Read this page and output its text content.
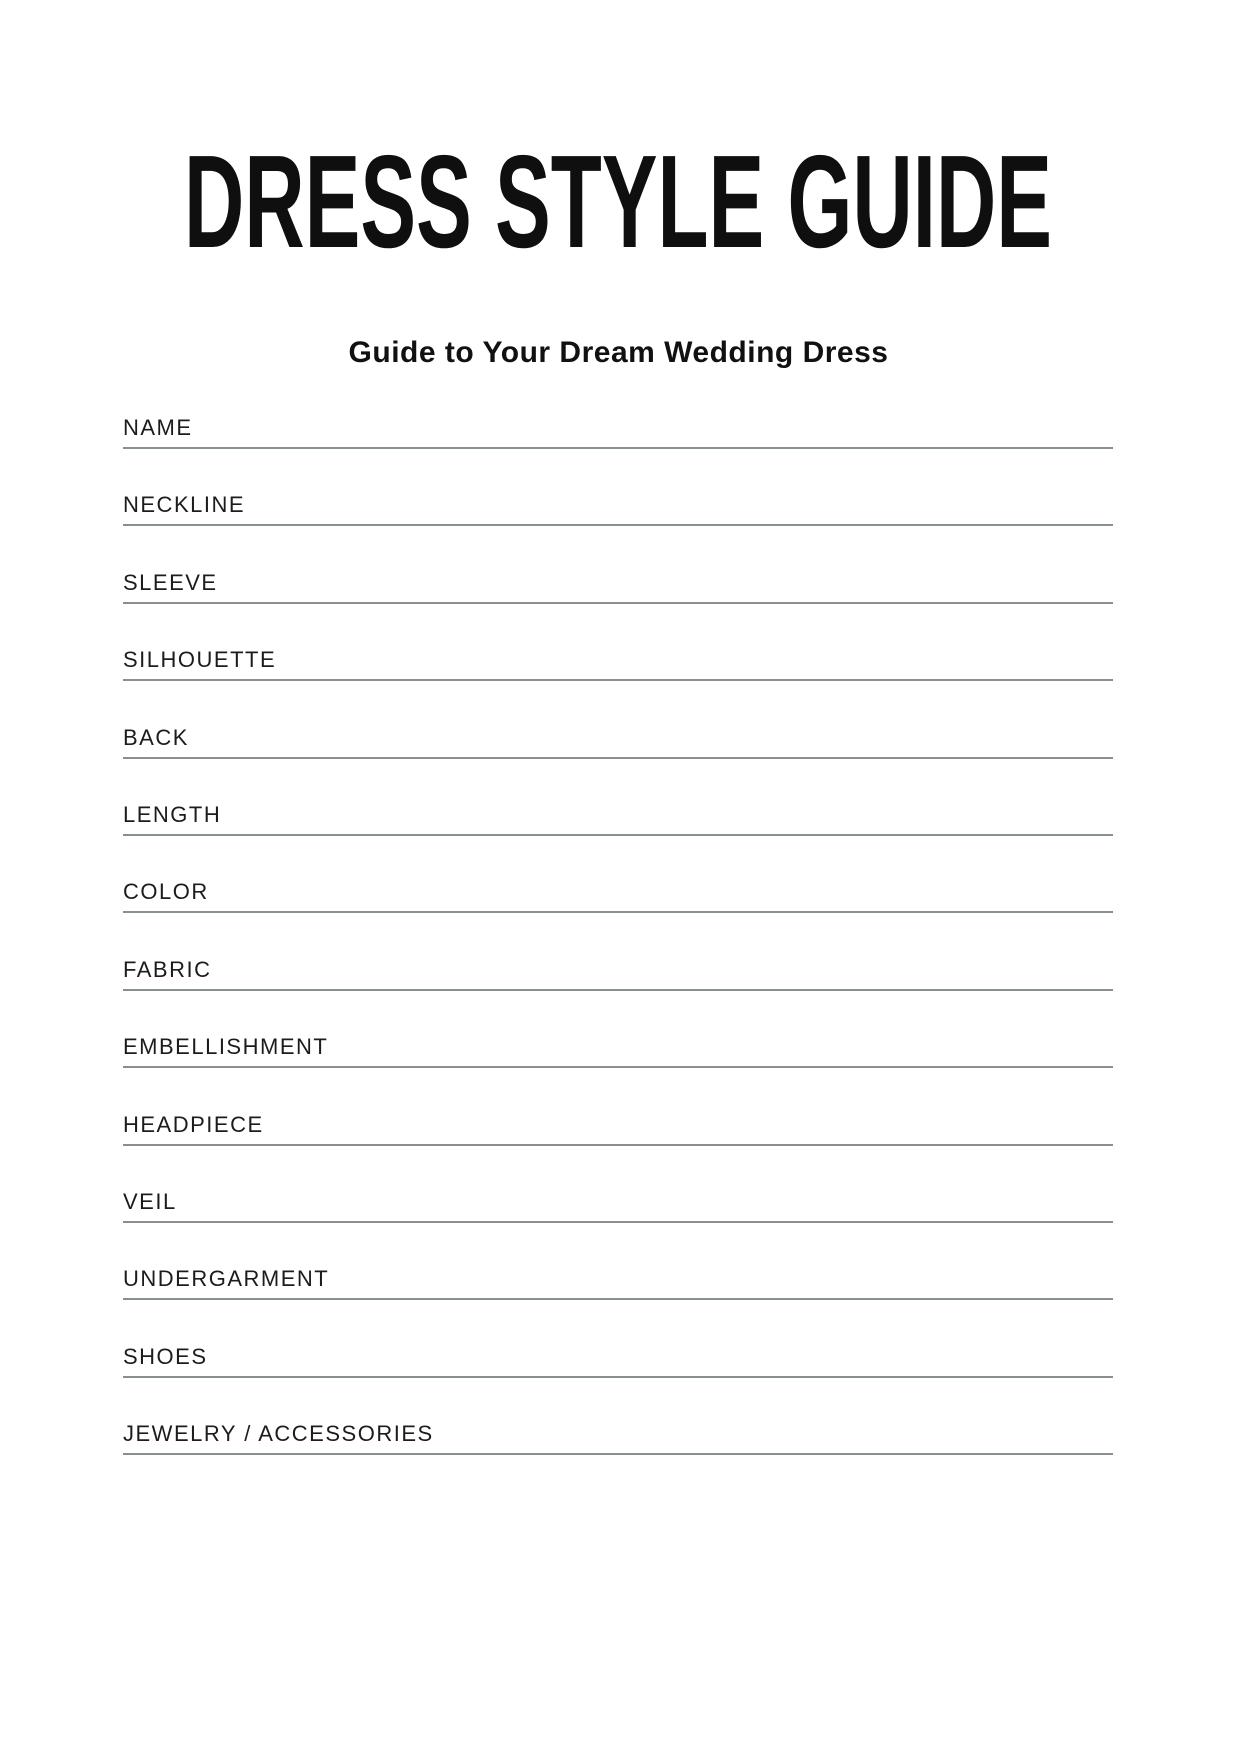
DRESS STYLE GUIDE
Guide to Your Dream Wedding Dress
NAME
NECKLINE
SLEEVE
SILHOUETTE
BACK
LENGTH
COLOR
FABRIC
EMBELLISHMENT
HEADPIECE
VEIL
UNDERGARMENT
SHOES
JEWELRY / ACCESSORIES
